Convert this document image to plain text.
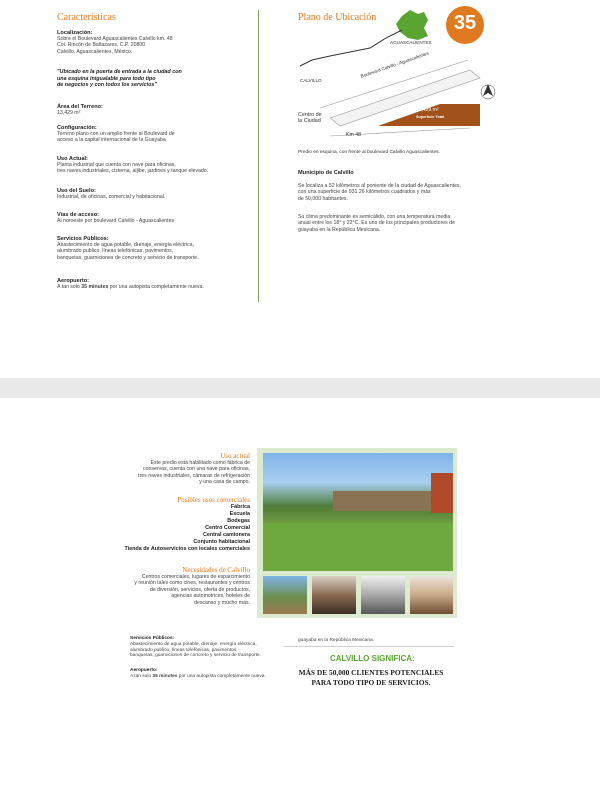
Características
Localización:
Sobre el Boulevard Aguascalientes Calvillo km. 48
Col. Rincón de Baltazares, C.P. 20800
Calvillo, Aguascalientes, México.
"Ubicado en la puerta de entrada a la ciudad con
una esquina inigualable para todo tipo
de negocios y con todos los servicios"
Área del Terreno:
13,429 m²
Configuración:
Terreno plano con un amplio frente al Boulevard de
acceso a la capital internacional de la Guayaba
Uso Actual:
Planta industrial que cuenta con nave para oficinas,
tres naves industriales, cisterna, aljibe, jardines y tanque elevado.
Uso del Suelo:
Industrial, de oficinas, comercial y habitacional.
Vías de acceso:
Al noroeste por boulevard Calvillo - Aguascalientes
Servicios Públicos:
Abastecimiento de agua potable, drenaje, energía eléctrica,
alumbrado publico, líneas telefónicas, pavimentos,
banquetas, guarniciones de concreto y servicio de transporte.
Aeropuerto:
A tan solo 35 minutes por una autopista completamente nueva.
Plano de Ubicación
AGUASCALIENTES
CALVILLO
Boulevard Calvillo - Aguascalientes
Centro de
la Ciudad
Km 48
13,429 m²
Superficie Total
35
Predio en esquina, con frente al boulevard Calvillo Aguascalientes.
Municipio de Calvillo
Se localiza a 52 kilómetros al poniente de la ciudad de Aguascalientes,
con una superficie de 931.26 kilómetros cuadrados y más
de 50,000 habitantes.
Su clima predominante es semicálido, con una temperatura media
anual entre los 18° y 22°C. Es uno de los principales productores de
guayaba en la República Mexicana.
Uso actual
Este predio está habilitado como fábrica de
conservas, cuenta con una nave para oficinas,
tres naves industriales, cámaras de refrigeración
y una casa de campo.
Posibles usos comerciales
Fábrica
Escuela
Bodegas
Centro Comercial
Central camionera
Conjunto habitacional
Tienda de Autoservicios con locales comerciales
Necesidades de Calvillo
Centros comerciales, lugares de esparcimiento
y reunión tales como cines, restaurantes y centros
de diversión, servicios, oferta de productos,
agencias automotrices, hoteles de
descanso y mucho más.
Servicios Públicos:
Abastecimiento de agua potable, drenaje, energía eléctrica,
alumbrado publico, líneas telefónicas, pavimentos,
banquetas, guarniciones de concreto y servicio de transporte.
Aeropuerto:
A tan solo 35 minutes por una autopista completamente nueva.
guayaba en la República Mexicana.
CALVILLO SIGNIFICA:
MÁS DE 50,000 CLIENTES POTENCIALES
PARA TODO TIPO DE SERVICIOS.
